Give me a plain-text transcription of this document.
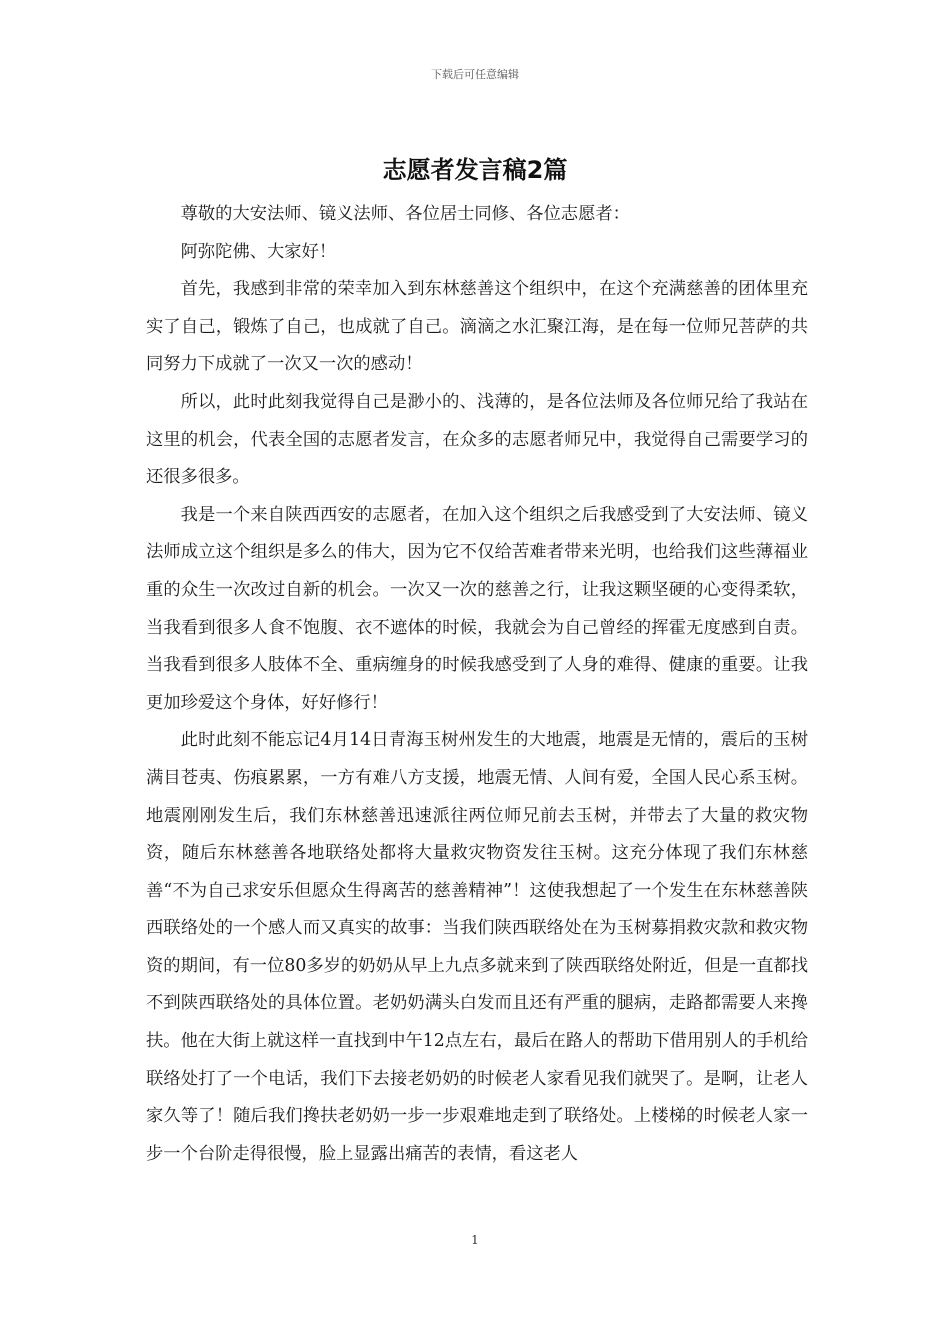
下载后可任意编辑
志愿者发言稿2篇

尊敬的大安法师、镜义法师、各位居士同修、各位志愿者：

阿弥陀佛、大家好！

首先，我感到非常的荣幸加入到东林慈善这个组织中，在这个充满慈善的团体里充实了自己，锻炼了自己，也成就了自己。滴滴之水汇聚江海，是在每一位师兄菩萨的共同努力下成就了一次又一次的感动！

所以，此时此刻我觉得自己是渺小的、浅薄的，是各位法师及各位师兄给了我站在这里的机会，代表全国的志愿者发言，在众多的志愿者师兄中，我觉得自己需要学习的还很多很多。

我是一个来自陕西西安的志愿者，在加入这个组织之后我感受到了大安法师、镜义法师成立这个组织是多么的伟大，因为它不仅给苦难者带来光明，也给我们这些薄福业重的众生一次改过自新的机会。一次又一次的慈善之行，让我这颗坚硬的心变得柔软，当我看到很多人食不饱腹、衣不遮体的时候，我就会为自己曾经的挥霍无度感到自责。当我看到很多人肢体不全、重病缠身的时候我感受到了人身的难得、健康的重要。让我更加珍爱这个身体，好好修行！

此时此刻不能忘记4月14日青海玉树州发生的大地震，地震是无情的，震后的玉树满目苍夷、伤痕累累，一方有难八方支援，地震无情、人间有爱，全国人民心系玉树。地震刚刚发生后，我们东林慈善迅速派往两位师兄前去玉树，并带去了大量的救灾物资，随后东林慈善各地联络处都将大量救灾物资发往玉树。这充分体现了我们东林慈善“不为自己求安乐但愿众生得离苦的慈善精神”！这使我想起了一个发生在东林慈善陕西联络处的一个感人而又真实的故事：当我们陕西联络处在为玉树募捐救灾款和救灾物资的期间，有一位80多岁的奶奶从早上九点多就来到了陕西联络处附近，但是一直都找不到陕西联络处的具体位置。老奶奶满头白发而且还有严重的腿病，走路都需要人来搀扶。他在大街上就这样一直找到中午12点左右，最后在路人的帮助下借用别人的手机给联络处打了一个电话，我们下去接老奶奶的时候老人家看见我们就哭了。是啊，让老人家久等了！随后我们搀扶老奶奶一步一步艰难地走到了联络处。上楼梯的时候老人家一步一个台阶走得很慢，脸上显露出痛苦的表情，看这老人

1
